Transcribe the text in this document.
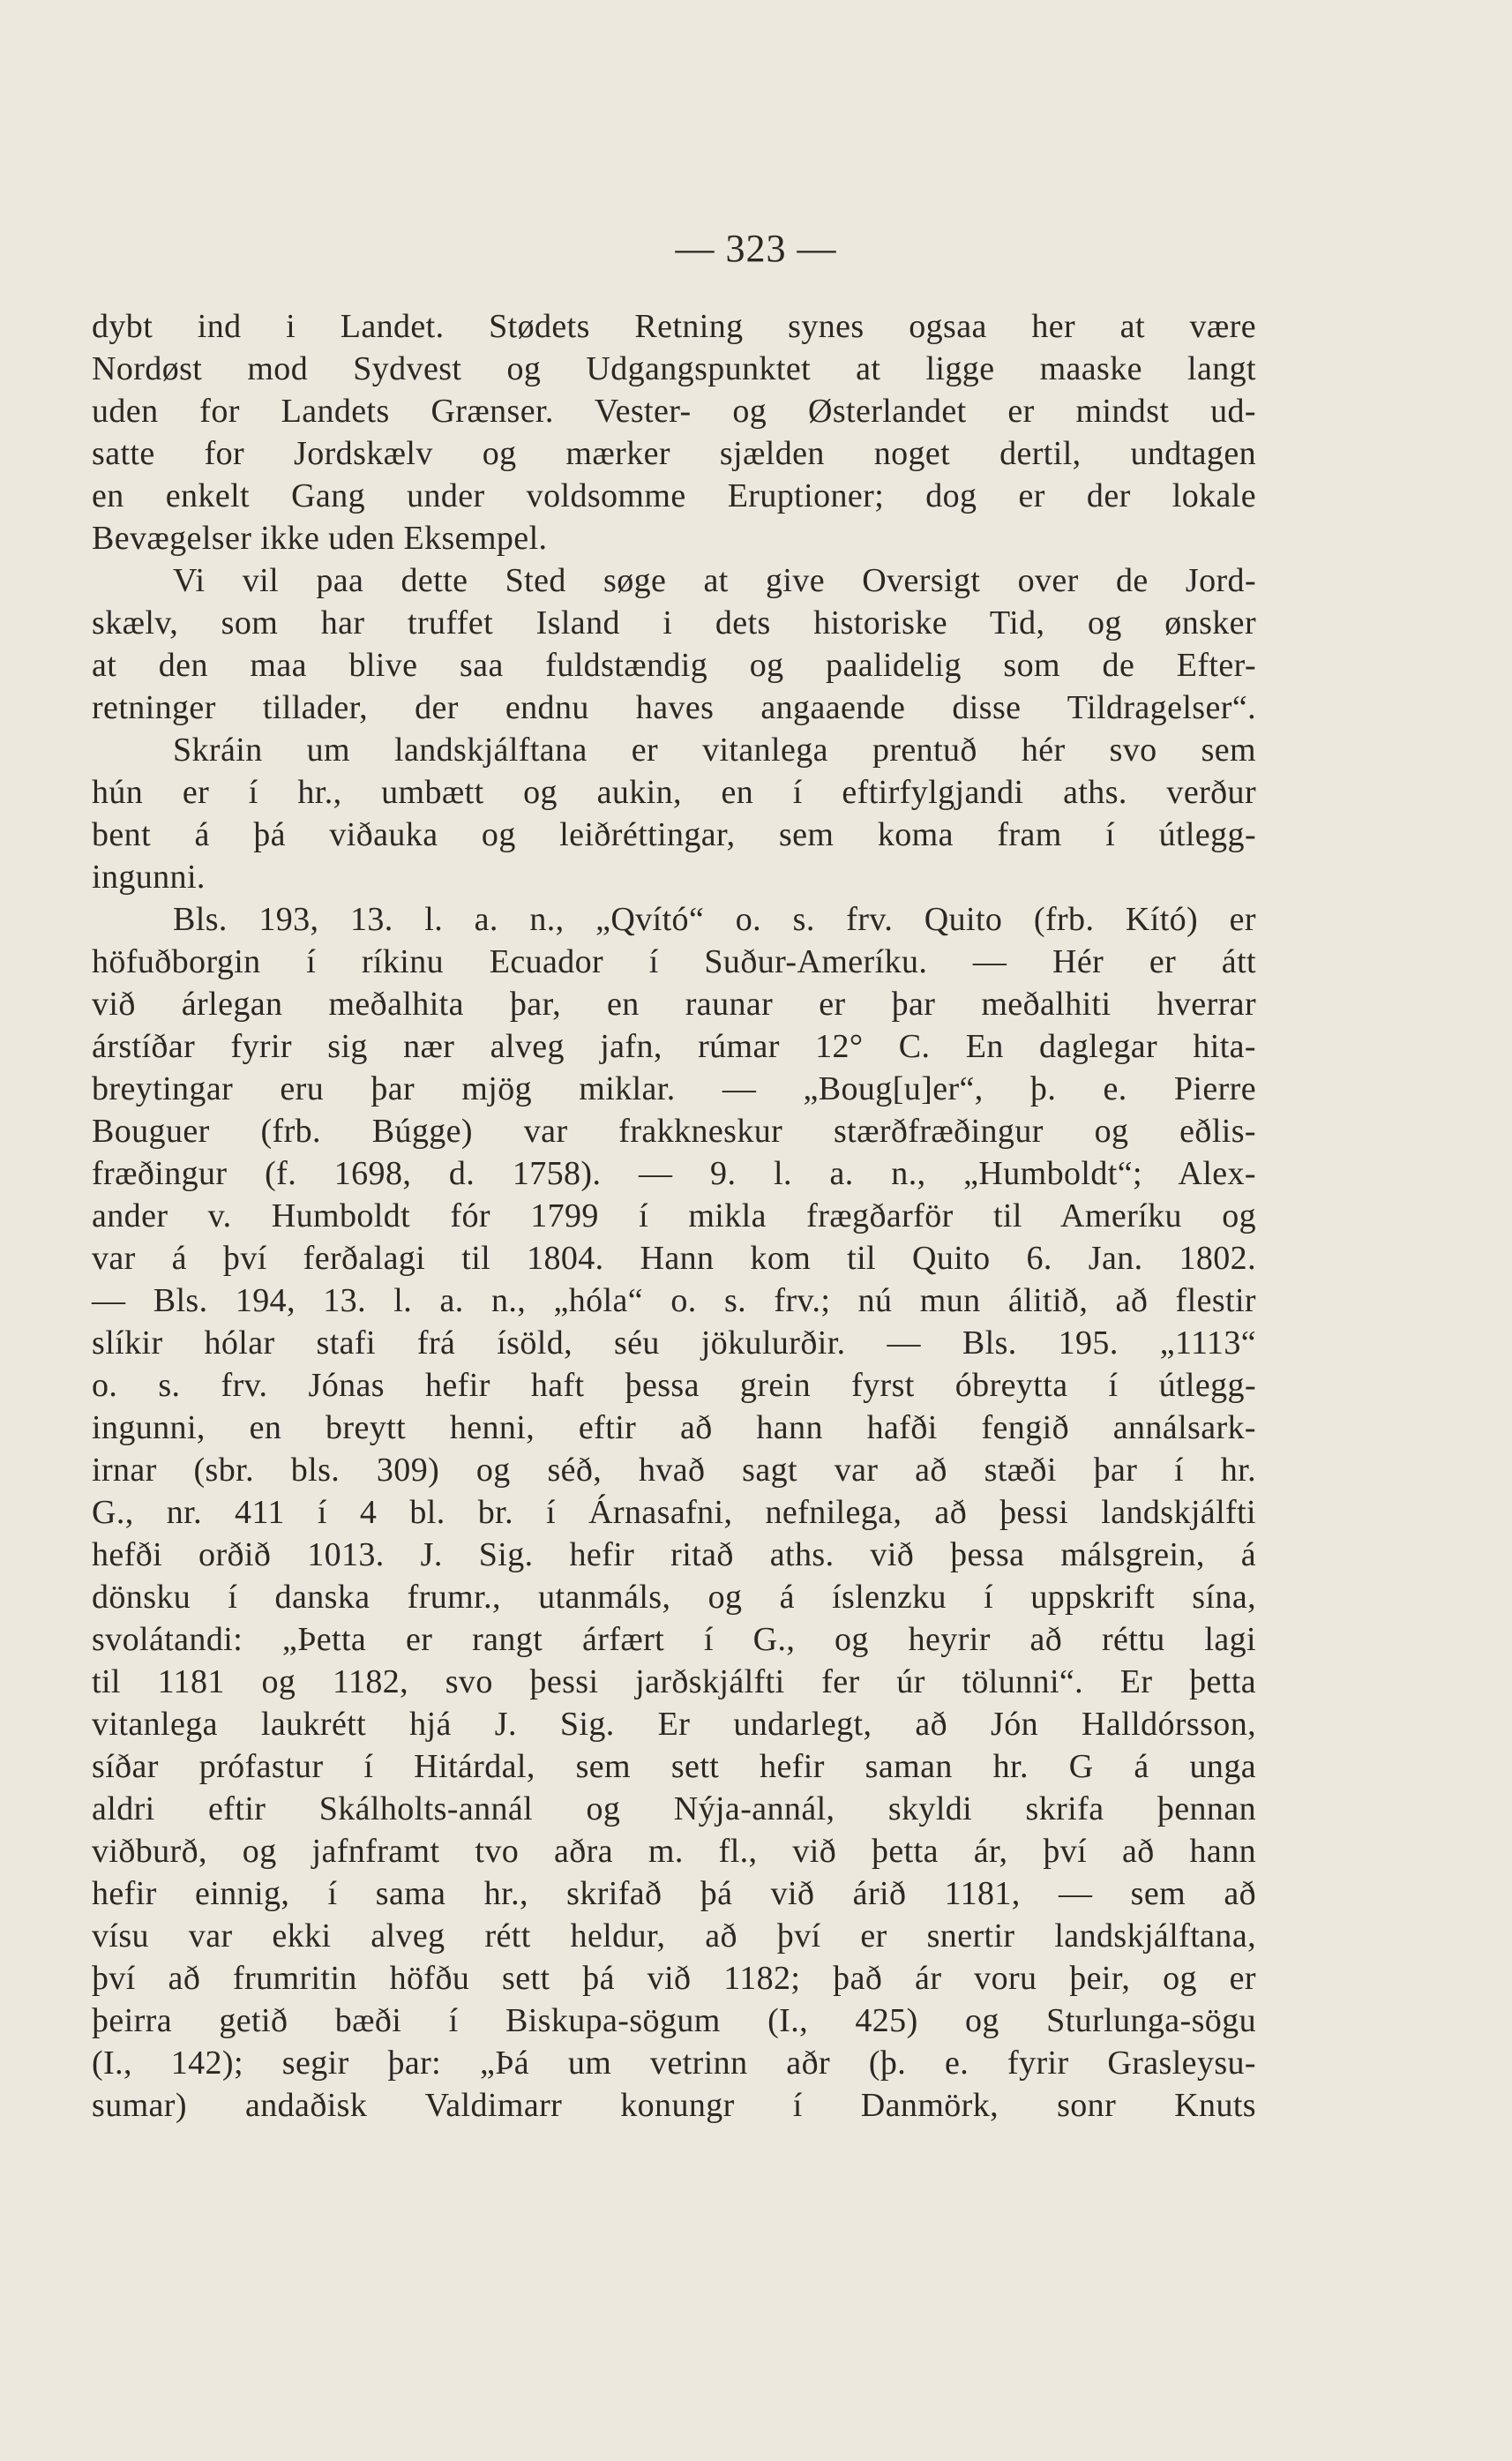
— 323 —
dybt ind i Landet. Stødets Retning synes ogsaa her at være
Nordøst mod Sydvest og Udgangspunktet at ligge maaske langt
uden for Landets Grænser. Vester- og Østerlandet er mindst ud-
satte for Jordskælv og mærker sjælden noget dertil, undtagen
en enkelt Gang under voldsomme Eruptioner; dog er der lokale
Bevægelser ikke uden Eksempel.
Vi vil paa dette Sted søge at give Oversigt over de Jord-
skælv, som har truffet Island i dets historiske Tid, og ønsker
at den maa blive saa fuldstændig og paalidelig som de Efter-
retninger tillader, der endnu haves angaaende disse Tildragelser“.
Skráin um landskjálftana er vitanlega prentuð hér svo sem
hún er í hr., umbætt og aukin, en í eftirfylgjandi aths. verður
bent á þá viðauka og leiðréttingar, sem koma fram í útlegg-
ingunni.
Bls. 193, 13. l. a. n., „Qvító“ o. s. frv. Quito (frb. Kító) er
höfuðborgin í ríkinu Ecuador í Suður-Ameríku. — Hér er átt
við árlegan meðalhita þar, en raunar er þar meðalhiti hverrar
árstíðar fyrir sig nær alveg jafn, rúmar 12° C. En daglegar hita-
breytingar eru þar mjög miklar. — „Boug[u]er“, þ. e. Pierre
Bouguer (frb. Búgge) var frakkneskur stærðfræðingur og eðlis-
fræðingur (f. 1698, d. 1758). — 9. l. a. n., „Humboldt“; Alex-
ander v. Humboldt fór 1799 í mikla frægðarför til Ameríku og
var á því ferðalagi til 1804. Hann kom til Quito 6. Jan. 1802.
— Bls. 194, 13. l. a. n., „hóla“ o. s. frv.; nú mun álitið, að flestir
slíkir hólar stafi frá ísöld, séu jökulurðir. — Bls. 195. „1113“
o. s. frv. Jónas hefir haft þessa grein fyrst óbreytta í útlegg-
ingunni, en breytt henni, eftir að hann hafði fengið annálsark-
irnar (sbr. bls. 309) og séð, hvað sagt var að stæði þar í hr.
G., nr. 411 í 4 bl. br. í Árnasafni, nefnilega, að þessi landskjálfti
hefði orðið 1013. J. Sig. hefir ritað aths. við þessa málsgrein, á
dönsku í danska frumr., utanmáls, og á íslenzku í uppskrift sína,
svolátandi: „Þetta er rangt árfært í G., og heyrir að réttu lagi
til 1181 og 1182, svo þessi jarðskjálfti fer úr tölunni“. Er þetta
vitanlega laukrétt hjá J. Sig. Er undarlegt, að Jón Halldórsson,
síðar prófastur í Hitárdal, sem sett hefir saman hr. G á unga
aldri eftir Skálholts-annál og Nýja-annál, skyldi skrifa þennan
viðburð, og jafnframt tvo aðra m. fl., við þetta ár, því að hann
hefir einnig, í sama hr., skrifað þá við árið 1181, — sem að
vísu var ekki alveg rétt heldur, að því er snertir landskjálftana,
því að frumritin höfðu sett þá við 1182; það ár voru þeir, og er
þeirra getið bæði í Biskupa-sögum (I., 425) og Sturlunga-sögu
(I., 142); segir þar: „Þá um vetrinn aðr (þ. e. fyrir Grasleysu-
sumar) andaðisk Valdimarr konungr í Danmörk, sonr Knuts
